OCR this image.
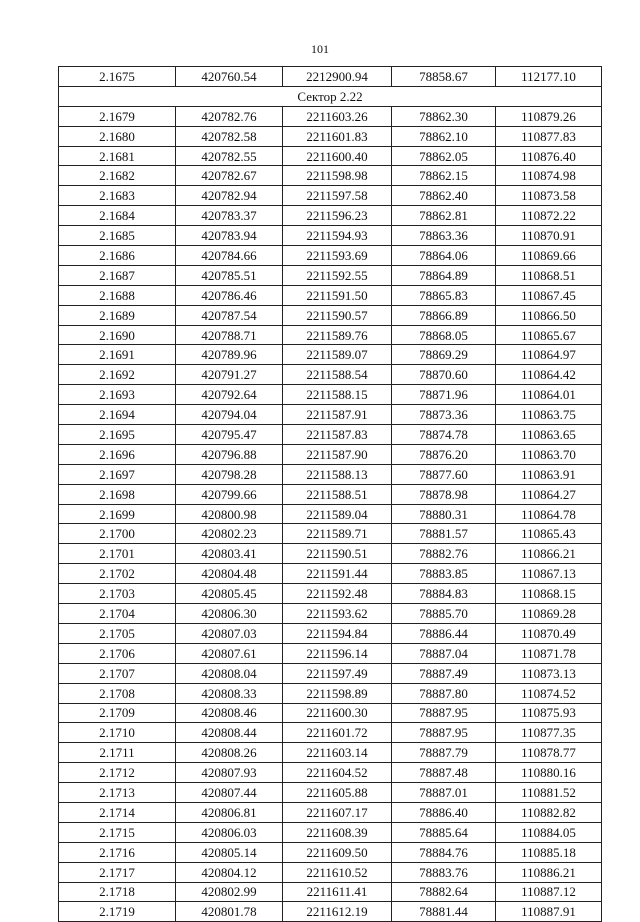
101
2.1675	420760.54	2212900.94	78858.67	112177.10
Сектор 2.22				
2.1679	420782.76	2211603.26	78862.30	110879.26
2.1680	420782.58	2211601.83	78862.10	110877.83
2.1681	420782.55	2211600.40	78862.05	110876.40
2.1682	420782.67	2211598.98	78862.15	110874.98
2.1683	420782.94	2211597.58	78862.40	110873.58
2.1684	420783.37	2211596.23	78862.81	110872.22
2.1685	420783.94	2211594.93	78863.36	110870.91
2.1686	420784.66	2211593.69	78864.06	110869.66
2.1687	420785.51	2211592.55	78864.89	110868.51
2.1688	420786.46	2211591.50	78865.83	110867.45
2.1689	420787.54	2211590.57	78866.89	110866.50
2.1690	420788.71	2211589.76	78868.05	110865.67
2.1691	420789.96	2211589.07	78869.29	110864.97
2.1692	420791.27	2211588.54	78870.60	110864.42
2.1693	420792.64	2211588.15	78871.96	110864.01
2.1694	420794.04	2211587.91	78873.36	110863.75
2.1695	420795.47	2211587.83	78874.78	110863.65
2.1696	420796.88	2211587.90	78876.20	110863.70
2.1697	420798.28	2211588.13	78877.60	110863.91
2.1698	420799.66	2211588.51	78878.98	110864.27
2.1699	420800.98	2211589.04	78880.31	110864.78
2.1700	420802.23	2211589.71	78881.57	110865.43
2.1701	420803.41	2211590.51	78882.76	110866.21
2.1702	420804.48	2211591.44	78883.85	110867.13
2.1703	420805.45	2211592.48	78884.83	110868.15
2.1704	420806.30	2211593.62	78885.70	110869.28
2.1705	420807.03	2211594.84	78886.44	110870.49
2.1706	420807.61	2211596.14	78887.04	110871.78
2.1707	420808.04	2211597.49	78887.49	110873.13
2.1708	420808.33	2211598.89	78887.80	110874.52
2.1709	420808.46	2211600.30	78887.95	110875.93
2.1710	420808.44	2211601.72	78887.95	110877.35
2.1711	420808.26	2211603.14	78887.79	110878.77
2.1712	420807.93	2211604.52	78887.48	110880.16
2.1713	420807.44	2211605.88	78887.01	110881.52
2.1714	420806.81	2211607.17	78886.40	110882.82
2.1715	420806.03	2211608.39	78885.64	110884.05
2.1716	420805.14	2211609.50	78884.76	110885.18
2.1717	420804.12	2211610.52	78883.76	110886.21
2.1718	420802.99	2211611.41	78882.64	110887.12
2.1719	420801.78	2211612.19	78881.44	110887.91
